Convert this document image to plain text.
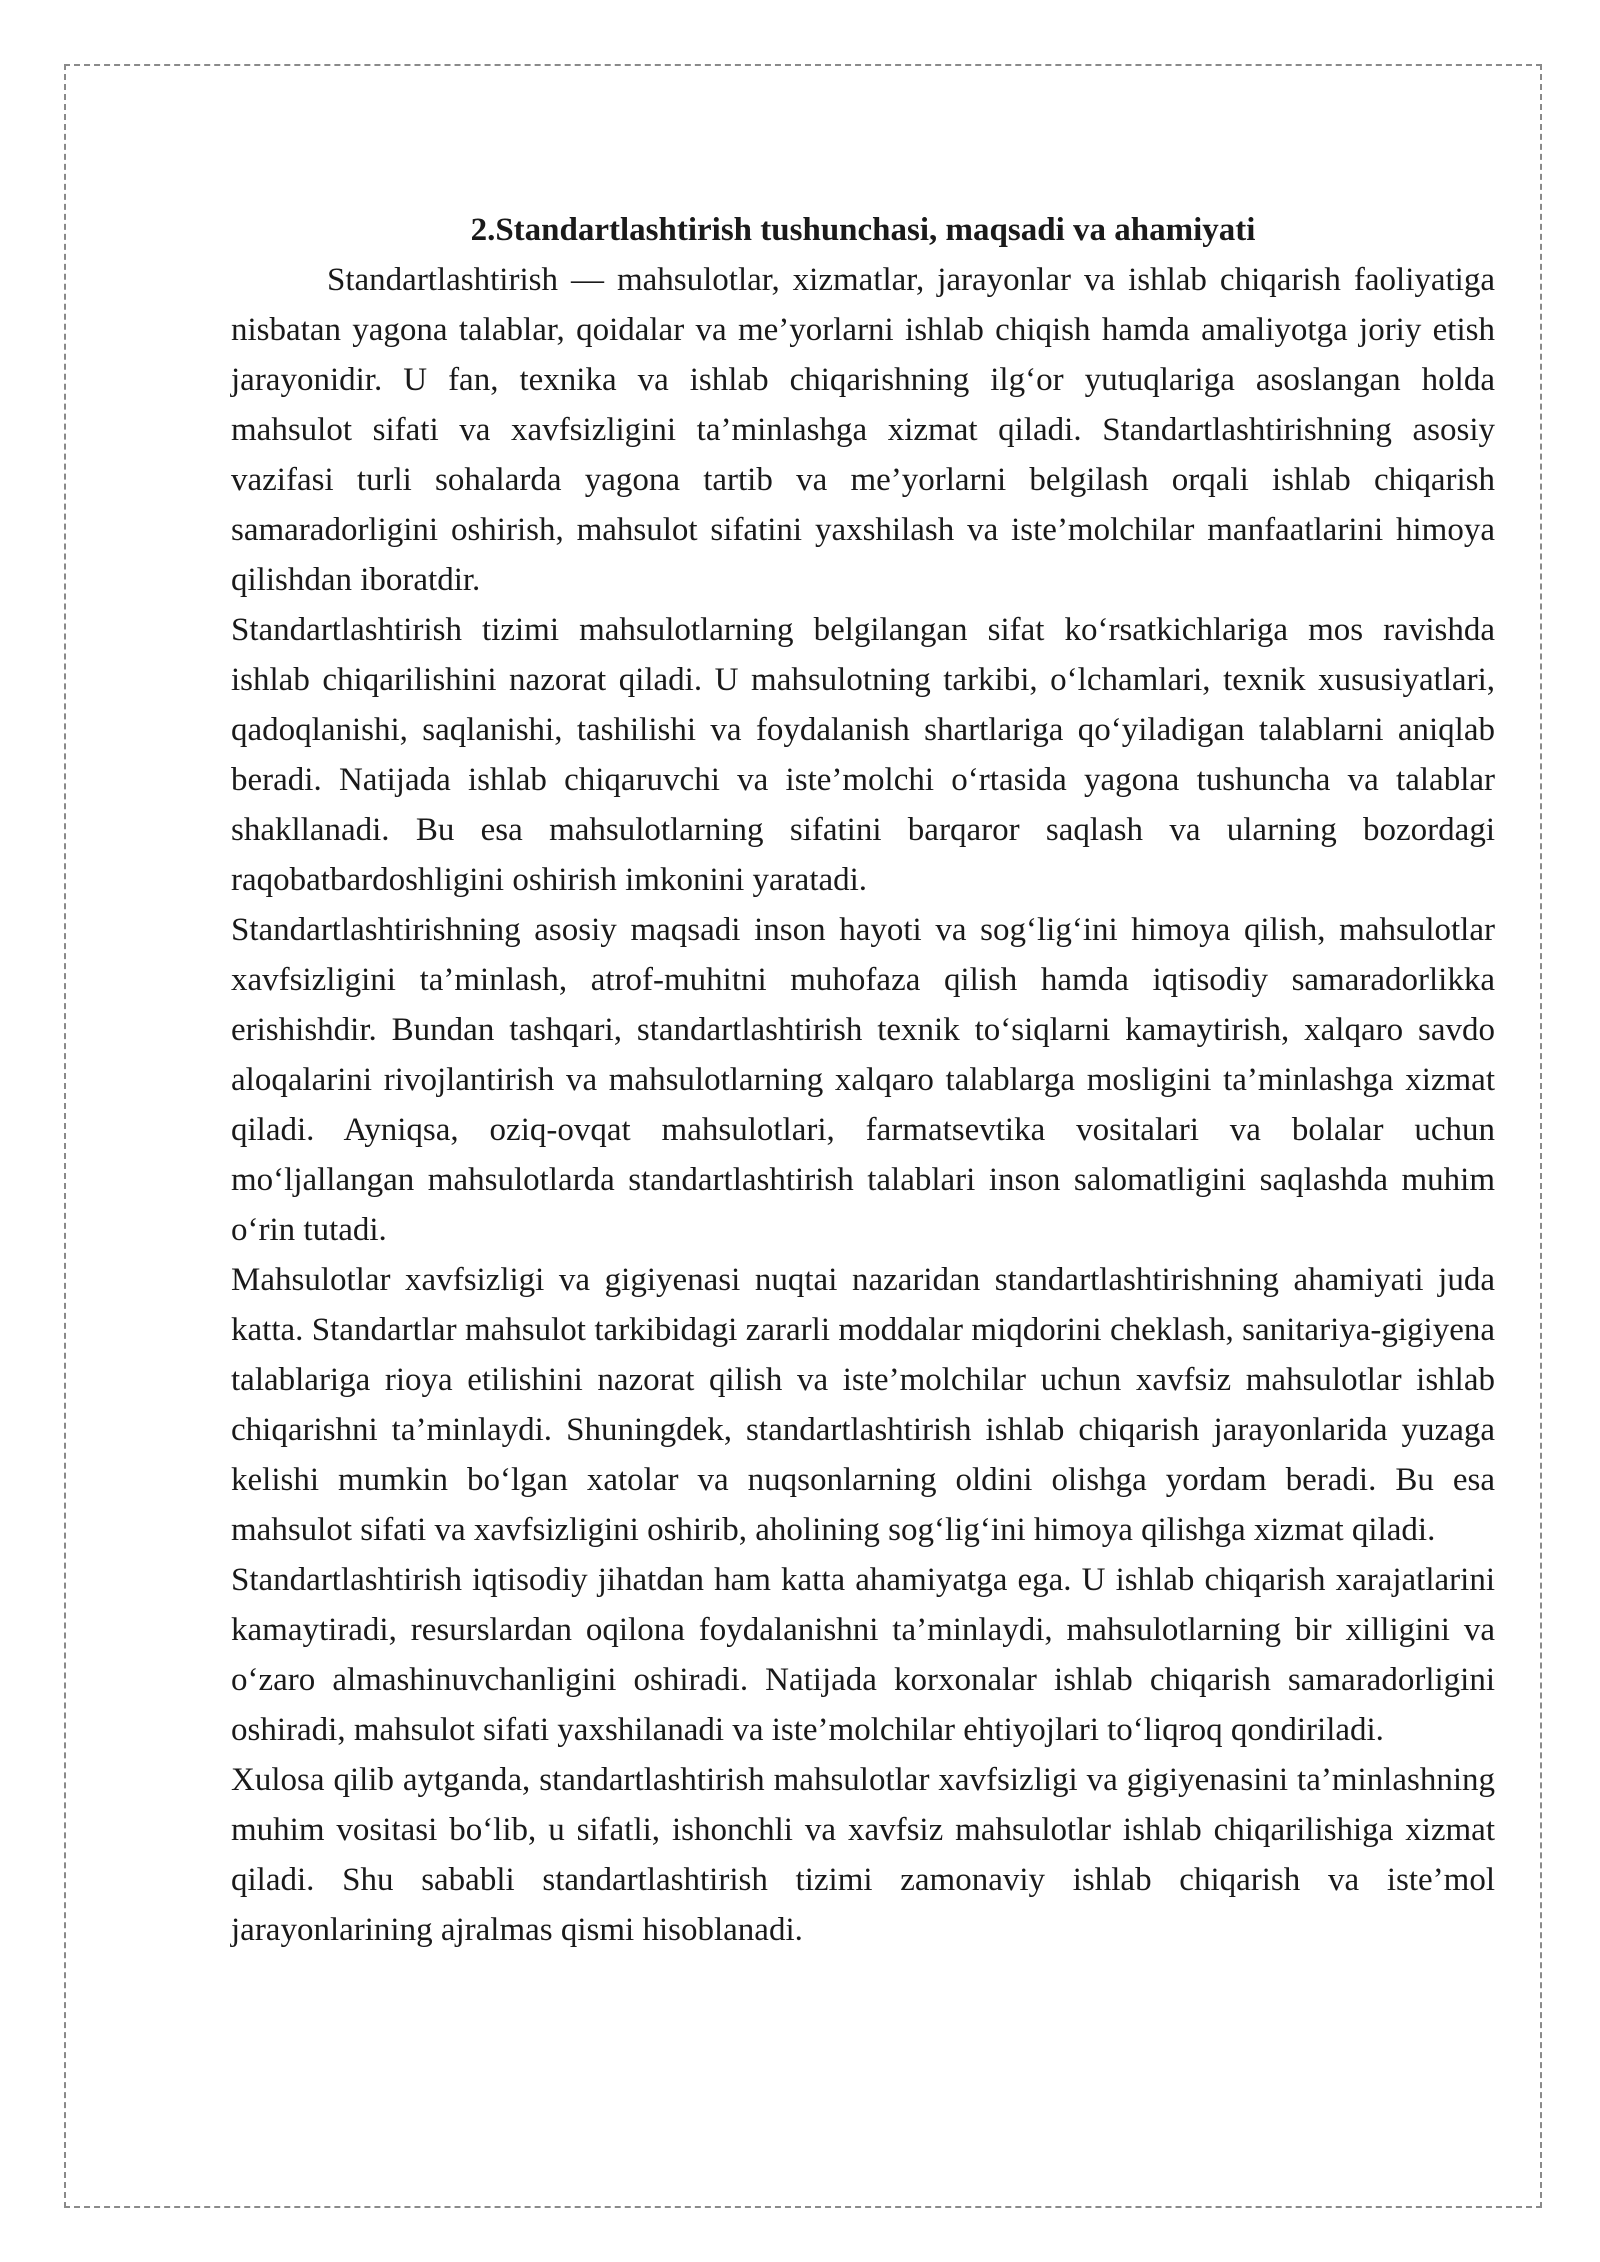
2.Standartlashtirish tushunchasi, maqsadi va ahamiyati

Standartlashtirish — mahsulotlar, xizmatlar, jarayonlar va ishlab chiqarish faoliyatiga nisbatan yagona talablar, qoidalar va me’yorlarni ishlab chiqish hamda amaliyotga joriy etish jarayonidir. U fan, texnika va ishlab chiqarishning ilg‘or yutuqlariga asoslangan holda mahsulot sifati va xavfsizligini ta’minlashga xizmat qiladi. Standartlashtirishning asosiy vazifasi turli sohalarda yagona tartib va me’yorlarni belgilash orqali ishlab chiqarish samaradorligini oshirish, mahsulot sifatini yaxshilash va iste’molchilar manfaatlarini himoya qilishdan iboratdir.

Standartlashtirish tizimi mahsulotlarning belgilangan sifat ko‘rsatkichlariga mos ravishda ishlab chiqarilishini nazorat qiladi. U mahsulotning tarkibi, o‘lchamlari, texnik xususiyatlari, qadoqlanishi, saqlanishi, tashilishi va foydalanish shartlariga qo‘yiladigan talablarni aniqlab beradi. Natijada ishlab chiqaruvchi va iste’molchi o‘rtasida yagona tushuncha va talablar shakllanadi. Bu esa mahsulotlarning sifatini barqaror saqlash va ularning bozordagi raqobatbardoshligini oshirish imkonini yaratadi.

Standartlashtirishning asosiy maqsadi inson hayoti va sog‘lig‘ini himoya qilish, mahsulotlar xavfsizligini ta’minlash, atrof-muhitni muhofaza qilish hamda iqtisodiy samaradorlikka erishishdir. Bundan tashqari, standartlashtirish texnik to‘siqlarni kamaytirish, xalqaro savdo aloqalarini rivojlantirish va mahsulotlarning xalqaro talablarga mosligini ta’minlashga xizmat qiladi. Ayniqsa, oziq-ovqat mahsulotlari, farmatsevtika vositalari va bolalar uchun mo‘ljallangan mahsulotlarda standartlashtirish talablari inson salomatligini saqlashda muhim o‘rin tutadi.

Mahsulotlar xavfsizligi va gigiyenasi nuqtai nazaridan standartlashtirishning ahamiyati juda katta. Standartlar mahsulot tarkibidagi zararli moddalar miqdorini cheklash, sanitariya-gigiyena talablariga rioya etilishini nazorat qilish va iste’molchilar uchun xavfsiz mahsulotlar ishlab chiqarishni ta’minlaydi. Shuningdek, standartlashtirish ishlab chiqarish jarayonlarida yuzaga kelishi mumkin bo‘lgan xatolar va nuqsonlarning oldini olishga yordam beradi. Bu esa mahsulot sifati va xavfsizligini oshirib, aholining sog‘lig‘ini himoya qilishga xizmat qiladi.

Standartlashtirish iqtisodiy jihatdan ham katta ahamiyatga ega. U ishlab chiqarish xarajatlarini kamaytiradi, resurslardan oqilona foydalanishni ta’minlaydi, mahsulotlarning bir xilligini va o‘zaro almashinuvchanligini oshiradi. Natijada korxonalar ishlab chiqarish samaradorligini oshiradi, mahsulot sifati yaxshilanadi va iste’molchilar ehtiyojlari to‘liqroq qondiriladi.

Xulosa qilib aytganda, standartlashtirish mahsulotlar xavfsizligi va gigiyenasini ta’minlashning muhim vositasi bo‘lib, u sifatli, ishonchli va xavfsiz mahsulotlar ishlab chiqarilishiga xizmat qiladi. Shu sababli standartlashtirish tizimi zamonaviy ishlab chiqarish va iste’mol jarayonlarining ajralmas qismi hisoblanadi.
